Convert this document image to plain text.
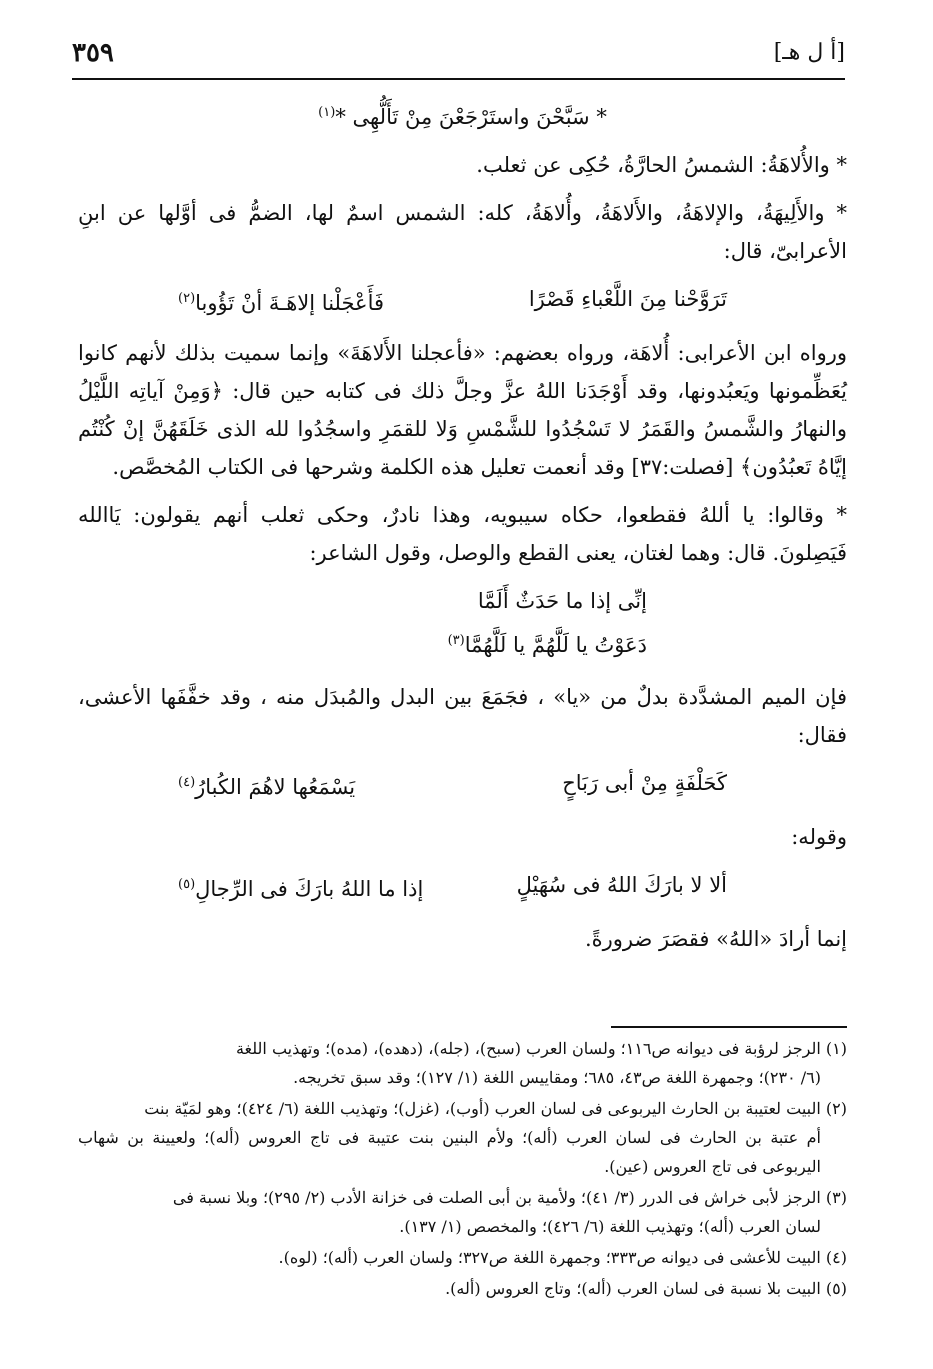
٣٥٩	[أ ل هـ]

* سَبَّحْنَ واستَرْجَعْنَ مِنْ تَأَلُّهِى *$^{(١)}$

* والأُلاهَةُ: الشمسُ الحارَّةُ، حُكِى عن ثعلب.

* والأَلِيهَةُ، والإلاهَةُ، والأَلاهَةُ، وأُلاهَةُ، كله: الشمس اسمٌ لها، الضمُّ فى أوَّلها عن ابنِ الأعرابىّ، قال:

تَرَوَّحْنا مِنَ اللَّعْباءِ قَصْرًا
فَأَعْجَلْنا إلاهَـةَ أنْ تَؤُوبا$^{(٢)}$

ورواه ابن الأعرابى: أُلاهَة، ورواه بعضهم: «فأعجلنا الأَلاهَةَ» وإنما سميت بذلك لأنهم كانوا يُعَظِّمونها ويَعبُدونها، وقد أَوْجَدَنا اللهُ عزَّ وجلَّ ذلك فى كتابه حين قال: ﴿وَمِنْ آياتِه اللَّيْلُ والنهارُ والشَّمسُ والقَمَرُ لا تَسْجُدُوا للشَّمْسِ وَلا للقمَرِ واسجُدُوا لله الذى خَلَقَهُنَّ إنْ كُنْتُم إيَّاهُ تَعبُدُون﴾ [فصلت:٣٧] وقد أنعمت تعليل هذه الكلمة وشرحها فى الكتاب المُخصَّص.

* وقالوا: يا أللهُ فقطعوا، حكاه سيبويه، وهذا نادرٌ، وحكى ثعلب أنهم يقولون: يَاالله فَيَصِلونَ. قال: وهما لغتان، يعنى القطع والوصل، وقول الشاعر:

إنِّى إذا ما حَدَثٌ أَلَمَّا
دَعَوْتُ يا لَلَّهُمَّ يا لَلَّهُمَّا$^{(٣)}$

فإن الميم المشدَّدة بدلٌ من «يا» ، فجَمَعَ بين البدل والمُبدَل منه ، وقد خفَّفَها الأعشى، فقال:

كَحَلْفَةٍ مِنْ أبى رَبَاحٍ
يَسْمَعُها لاهُمَ الكُبارُ$^{(٤)}$

وقوله:

ألا لا بارَكَ اللهُ فى سُهَيْلٍ
إذا ما اللهُ بارَكَ فى الرِّجالِ$^{(٥)}$

إنما أرادَ «اللهُ» فقصَرَ ضرورةً.

(١) الرجز لرؤبة فى ديوانه ص١١٦؛ ولسان العرب (سبح)، (جله)، (دهده)، (مده)؛ وتهذيب اللغة
(٦/ ٢٣٠)؛ وجمهرة اللغة ص٤٣، ٦٨٥؛ ومقاييس اللغة (١/ ١٢٧)؛ وقد سبق تخريجه.
(٢) البيت لعتيبة بن الحارث اليربوعى فى لسان العرب (أوب)، (غزل)؛ وتهذيب اللغة (٦/ ٤٢٤)؛ وهو لمَيّة بنت
أم عتبة بن الحارث فى لسان العرب (أله)؛ ولأم البنين بنت عتيبة فى تاج العروس (أله)؛ ولعيينة بن شهاب اليربوعى فى تاج العروس (عين).
(٣) الرجز لأبى خراش فى الدرر (٣/ ٤١)؛ ولأمية بن أبى الصلت فى خزانة الأدب (٢/ ٢٩٥)؛ وبلا نسبة فى
لسان العرب (أله)؛ وتهذيب اللغة (٦/ ٤٢٦)؛ والمخصص (١/ ١٣٧).
(٤) البيت للأعشى فى ديوانه ص٣٣٣؛ وجمهرة اللغة ص٣٢٧؛ ولسان العرب (أله)؛ (لوه).
(٥) البيت بلا نسبة فى لسان العرب (أله)؛ وتاج العروس (أله).
